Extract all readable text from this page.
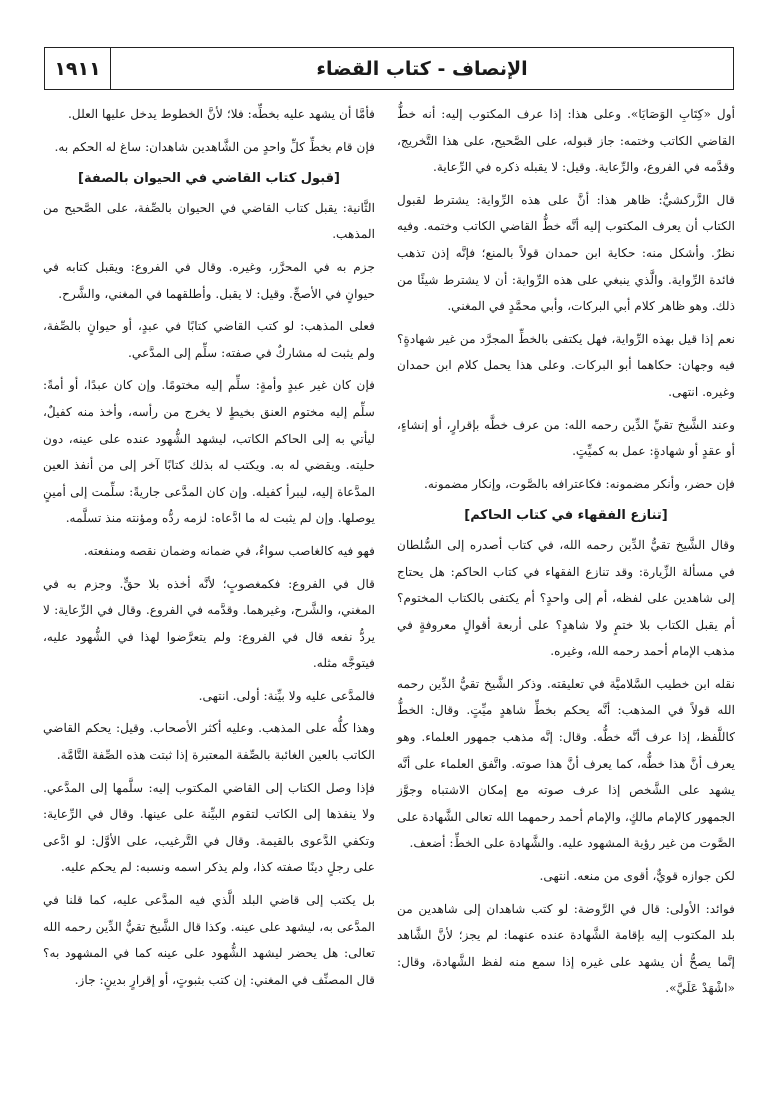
الإنصاف - كتاب القضاء
١٩١١

أول «كِتَابِ الوَصَايَا». وعلى هذا: إذا عرف المكتوب إليه: أنه خطُّ القاضي الكاتب وختمه: جاز قبوله، على الصَّحيح، على هذا التَّخريج، وقدَّمه في الفروع، والرِّعاية. وقيل: لا يقبله ذكره في الرِّعاية.

قال الزَّركشيُّ: ظاهر هذا: أنَّ على هذه الرِّواية: يشترط لقبول الكتاب أن يعرف المكتوب إليه أنَّه خطُّ القاضي الكاتب وختمه. وفيه نظرٌ. وأشكل منه: حكاية ابن حمدان قولاً بالمنع؛ فإنَّه إذن تذهب فائدة الرِّواية. والَّذي ينبغي على هذه الرِّواية: أن لا يشترط شيئًا من ذلك. وهو ظاهر كلام أبي البركات، وأبي محمَّدٍ في المغني.

نعم إذا قيل بهذه الرِّواية، فهل يكتفى بالخطِّ المجرَّد من غير شهادةٍ؟ فيه وجهان: حكاهما أبو البركات. وعلى هذا يحمل كلام ابن حمدان وغيره. انتهى.

وعند الشَّيخ تقيِّ الدِّين رحمه الله: من عرف خطَّه بإقرارٍ، أو إنشاءٍ، أو عقدٍ أو شهادةٍ: عمل به كميِّتٍ.

فإن حضر، وأنكر مضمونه: فكاعترافه بالصَّوت، وإنكار مضمونه.

[تنازع الفقهاء في كتاب الحاكم]

وقال الشَّيخ تقيُّ الدِّين رحمه الله، في كتاب أصدره إلى السُّلطان في مسألة الزِّيارة: وقد تنازع الفقهاء في كتاب الحاكم: هل يحتاج إلى شاهدين على لفظه، أم إلى واحدٍ؟ أم يكتفى بالكتاب المختوم؟ أم يقبل الكتاب بلا ختمٍ ولا شاهدٍ؟ على أربعة أقوالٍ معروفةٍ في مذهب الإمام أحمد رحمه الله، وغيره.

نقله ابن خطيب السَّلاميَّة في تعليقته. وذكر الشَّيخ تقيُّ الدِّين رحمه الله قولاً في المذهب: أنَّه يحكم بخطِّ شاهدٍ ميِّتٍ. وقال: الخطُّ كاللَّفظ، إذا عرف أنَّه خطُّه. وقال: إنَّه مذهب جمهور العلماء. وهو يعرف أنَّ هذا خطُّه، كما يعرف أنَّ هذا صوته. واتَّفق العلماء على أنَّه يشهد على الشَّخص إذا عرف صوته مع إمكان الاشتباه وجوَّز الجمهور كالإمام مالكٍ، والإمام أحمد رحمهما الله تعالى الشَّهادة على الصَّوت من غير رؤية المشهود عليه. والشَّهادة على الخطِّ: أضعف.

لكن جوازه قويٌّ، أقوى من منعه. انتهى.

فوائد: الأولى: قال في الرَّوضة: لو كتب شاهدان إلى شاهدين من بلد المكتوب إليه بإقامة الشَّهادة عنده عنهما: لم يجز؛ لأنَّ الشَّاهد إنَّما يصحُّ أن يشهد على غيره إذا سمع منه لفظ الشَّهادة، وقال: «اشْهَدْ عَلَيَّ».

فأمَّا أن يشهد عليه بخطِّه: فلا؛ لأنَّ الخطوط يدخل عليها العلل.

فإن قام بخطِّ كلِّ واحدٍ من الشَّاهدين شاهدان: ساغ له الحكم به.

[قبول كتاب القاضي في الحيوان بالصفة]

الثَّانية: يقبل كتاب القاضي في الحيوان بالصِّفة، على الصَّحيح من المذهب.

جزم به في المحرَّر، وغيره. وقال في الفروع: ويقبل كتابه في حيوانٍ في الأصحِّ. وقيل: لا يقبل. وأطلقهما في المغني، والشَّرح.

فعلى المذهب: لو كتب القاضي كتابًا في عبدٍ، أو حيوانٍ بالصِّفة، ولم يثبت له مشاركٌ في صفته: سلِّم إلى المدَّعي.

فإن كان غير عبدٍ وأمةٍ: سلِّم إليه مختومًا. وإن كان عبدًا، أو أمةً: سلِّم إليه مختوم العنق بخيطٍ لا يخرج من رأسه، وأخذ منه كفيلٌ، ليأتي به إلى الحاكم الكاتب، ليشهد الشُّهود عنده على عينه، دون حليته. ويقضي له به. ويكتب له بذلك كتابًا آخر إلى من أنفذ العين المدَّعاة إليه، ليبرأ كفيله. وإن كان المدَّعى جاريةً: سلِّمت إلى أمينٍ يوصلها. وإن لم يثبت له ما ادَّعاه: لزمه ردُّه ومؤنته منذ تسلَّمه.

فهو فيه كالغاصب سواءٌ، في ضمانه وضمان نقصه ومنفعته.

قال في الفروع: فكمغصوبٍ؛ لأنَّه أخذه بلا حقٍّ. وجزم به في المغني، والشَّرح، وغيرهما. وقدَّمه في الفروع. وقال في الرِّعاية: لا يردُّ نفعه قال في الفروع: ولم يتعرَّضوا لهذا في الشُّهود عليه، فيتوجَّه مثله.

فالمدَّعى عليه ولا بيِّنة: أولى. انتهى.

وهذا كلُّه على المذهب. وعليه أكثر الأصحاب. وقيل: يحكم القاضي الكاتب بالعين الغائبة بالصِّفة المعتبرة إذا ثبتت هذه الصِّفة التَّامَّة.

فإذا وصل الكتاب إلى القاضي المكتوب إليه: سلَّمها إلى المدَّعي. ولا ينفذها إلى الكاتب لتقوم البيِّنة على عينها. وقال في الرِّعاية: وتكفي الدَّعوى بالقيمة. وقال في التَّرغيب، على الأوَّل: لو ادَّعى على رجلٍ دينًا صفته كذا، ولم يذكر اسمه ونسبه: لم يحكم عليه.

بل يكتب إلى قاضي البلد الَّذي فيه المدَّعى عليه، كما قلنا في المدَّعى به، ليشهد على عينه. وكذا قال الشَّيخ تقيُّ الدِّين رحمه الله تعالى: هل يحضر ليشهد الشُّهود على عينه كما في المشهود به؟ قال المصنِّف في المغني: إن كتب بثبوتٍ، أو إقرارٍ بدينٍ: جاز.
